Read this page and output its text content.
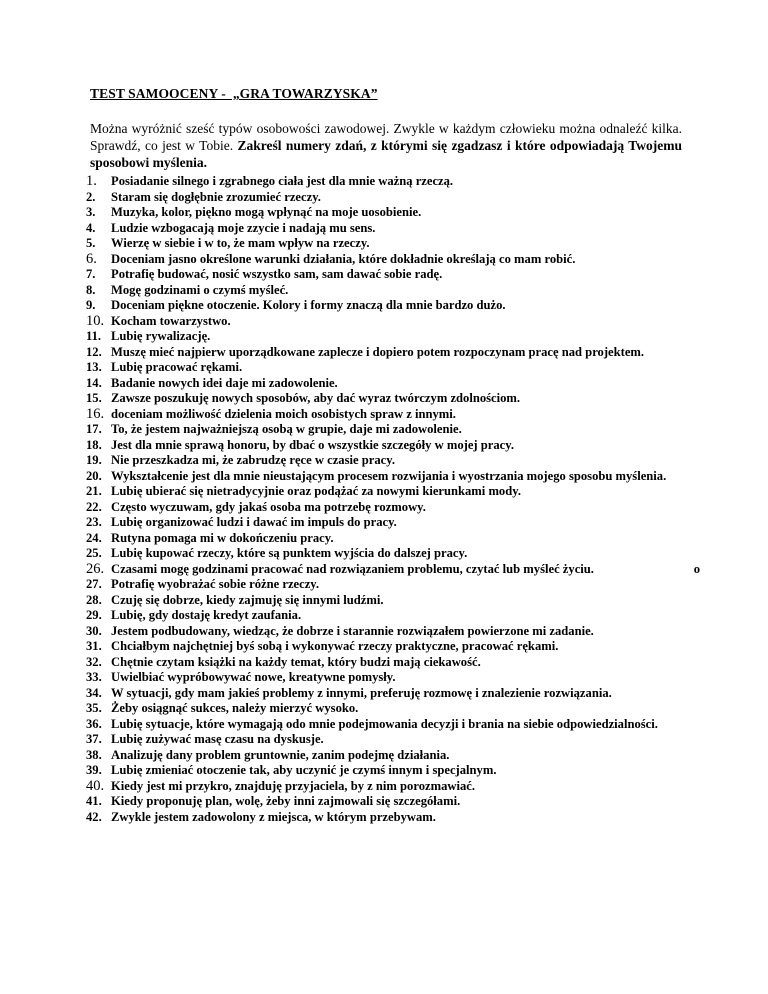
TEST SAMOOCENY -  „GRA TOWARZYSKA”
Można wyróżnić sześć typów osobowości zawodowej. Zwykle w każdym człowieku można odnaleźć kilka. Sprawdź, co jest w Tobie. Zakreśl numery zdań, z którymi się zgadzasz i które odpowiadają Twojemu sposobowi myślenia.
1.	Posiadanie silnego i zgrabnego ciała jest dla mnie ważną rzeczą.
2.	Staram się dogłębnie zrozumieć rzeczy.
3.	Muzyka, kolor, piękno mogą wpłynąć na moje uosobienie.
4.	Ludzie wzbogacają moje zzycie i nadają mu sens.
5.	Wierzę w siebie i w to, że mam wpływ na rzeczy.
6.	Doceniam jasno określone warunki działania, które dokładnie określają co mam robić.
7.	Potrafię budować, nosić wszystko sam, sam dawać sobie radę.
8.	Mogę godzinami o czymś myśleć.
9.	Doceniam piękne otoczenie. Kolory i formy znaczą dla mnie bardzo dużo.
10. Kocham towarzystwo.
11. Lubię rywalizację.
12. Muszę mieć najpierw uporządkowane zaplecze i dopiero potem rozpoczynam pracę nad projektem.
13. Lubię pracować rękami.
14. Badanie nowych idei daje mi zadowolenie.
15. Zawsze poszukuję nowych sposobów, aby dać wyraz twórczym zdolnościom.
16. doceniam możliwość dzielenia moich osobistych spraw z innymi.
17. To, że jestem najważniejszą osobą w grupie, daje mi zadowolenie.
18. Jest dla mnie sprawą honoru, by dbać o wszystkie szczegóły w mojej pracy.
19. Nie przeszkadza mi, że zabrudzę ręce w czasie pracy.
20. Wykształcenie jest dla mnie nieustającym procesem rozwijania i wyostrzania mojego sposobu myślenia.
21. Lubię ubierać się nietradycyjnie oraz podążać za nowymi kierunkami mody.
22. Często wyczuwam, gdy jakaś osoba ma potrzebę rozmowy.
23. Lubię organizować ludzi i dawać im impuls do pracy.
24. Rutyna pomaga mi w dokończeniu pracy.
25. Lubię kupować rzeczy, które są punktem wyjścia do dalszej pracy.
26. Czasami mogę godzinami pracować nad rozwiązaniem problemu, czytać lub myśleć życiu.	o
27. Potrafię wyobrażać sobie różne rzeczy.
28. Czuję się dobrze, kiedy zajmuję się innymi ludźmi.
29. Lubię, gdy dostaję kredyt zaufania.
30. Jestem podbudowany, wiedząc, że dobrze i starannie rozwiązałem powierzone mi zadanie.
31. Chciałbym najchętniej byś sobą i wykonywać rzeczy praktyczne, pracować rękami.
32. Chętnie czytam książki na każdy temat, który budzi mają ciekawość.
33. Uwielbiać wypróbowywać nowe, kreatywne pomysły.
34. W sytuacji, gdy mam jakieś problemy z innymi, preferuję rozmowę i znalezienie rozwiązania.
35. Żeby osiągnąć sukces, należy mierzyć wysoko.
36. Lubię sytuacje, które wymagają odo mnie podejmowania decyzji i brania na siebie odpowiedzialności.
37. Lubię zużywać masę czasu na dyskusje.
38. Analizuję dany problem gruntownie, zanim podejmę działania.
39. Lubię zmieniać otoczenie tak, aby uczynić je czymś innym i specjalnym.
40. Kiedy jest mi przykro, znajduję przyjaciela, by z nim porozmawiać.
41. Kiedy proponuję plan, wolę, żeby inni zajmowali się szczegółami.
42. Zwykle jestem zadowolony z miejsca, w którym przebywam.
